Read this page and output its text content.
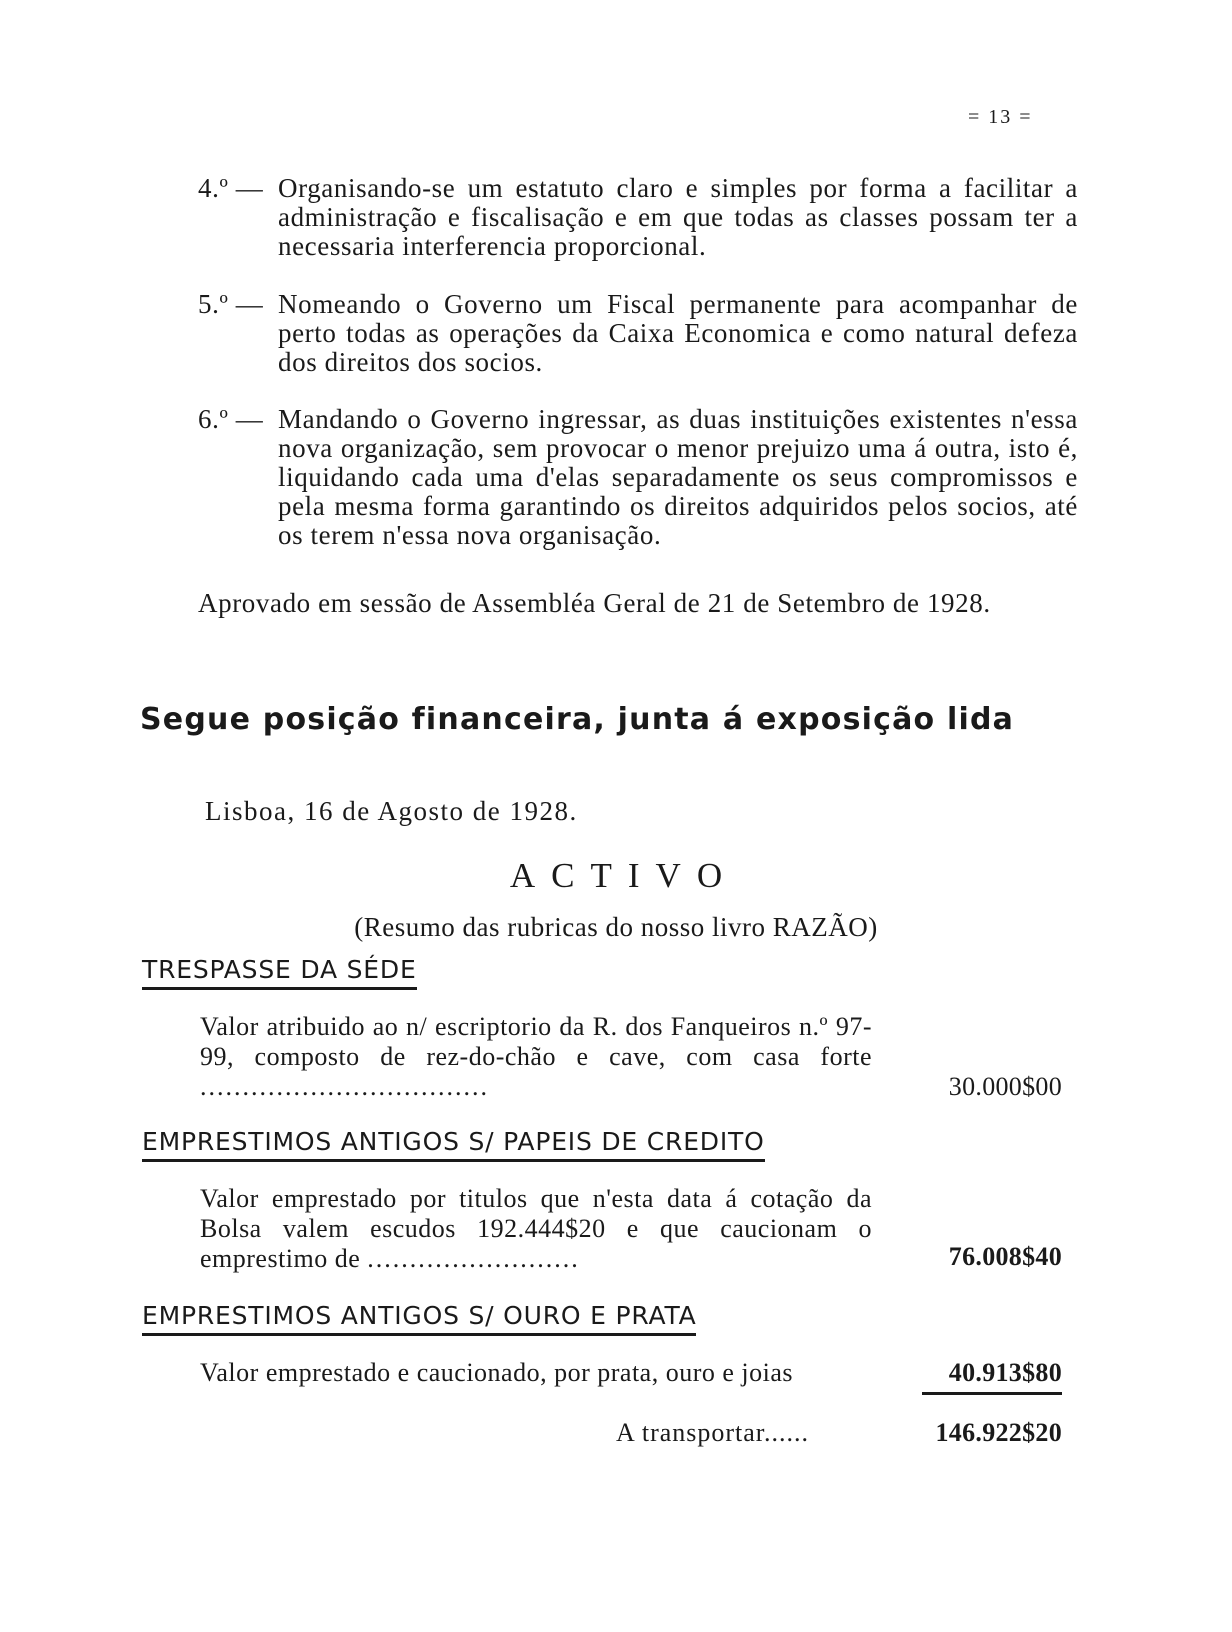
= 13 =
4.º — Organisando-se um estatuto claro e simples por forma a facilitar a administração e fiscalisação e em que todas as classes possam ter a necessaria interferencia proporcional.
5.º — Nomeando o Governo um Fiscal permanente para acompanhar de perto todas as operações da Caixa Economica e como natural defeza dos direitos dos socios.
6.º — Mandando o Governo ingressar, as duas instituições existentes n'essa nova organização, sem provocar o menor prejuizo uma á outra, isto é, liquidando cada uma d'elas separadamente os seus compromissos e pela mesma forma garantindo os direitos adquiridos pelos socios, até os terem n'essa nova organisação.
Aprovado em sessão de Assembléa Geral de 21 de Setembro de 1928.
Segue posição financeira, junta á exposição lida
Lisboa, 16 de Agosto de 1928.
ACTIVO
(Resumo das rubricas do nosso livro RAZÃO)
TRESPASSE DA SÉDE
Valor atribuido ao n/ escriptorio da R. dos Fanqueiros n.º 97-99, composto de rez-do-chão e cave, com casa forte ..................................	30.000$00
EMPRESTIMOS ANTIGOS S/ PAPEIS DE CREDITO
Valor emprestado por titulos que n'esta data á cotação da Bolsa valem escudos 192.444$20 e que caucionam o emprestimo de .........................	76.008$40
EMPRESTIMOS ANTIGOS S/ OURO E PRATA
Valor emprestado e caucionado, por prata, ouro e joias	40.913$80
A transportar......	146.922$20
